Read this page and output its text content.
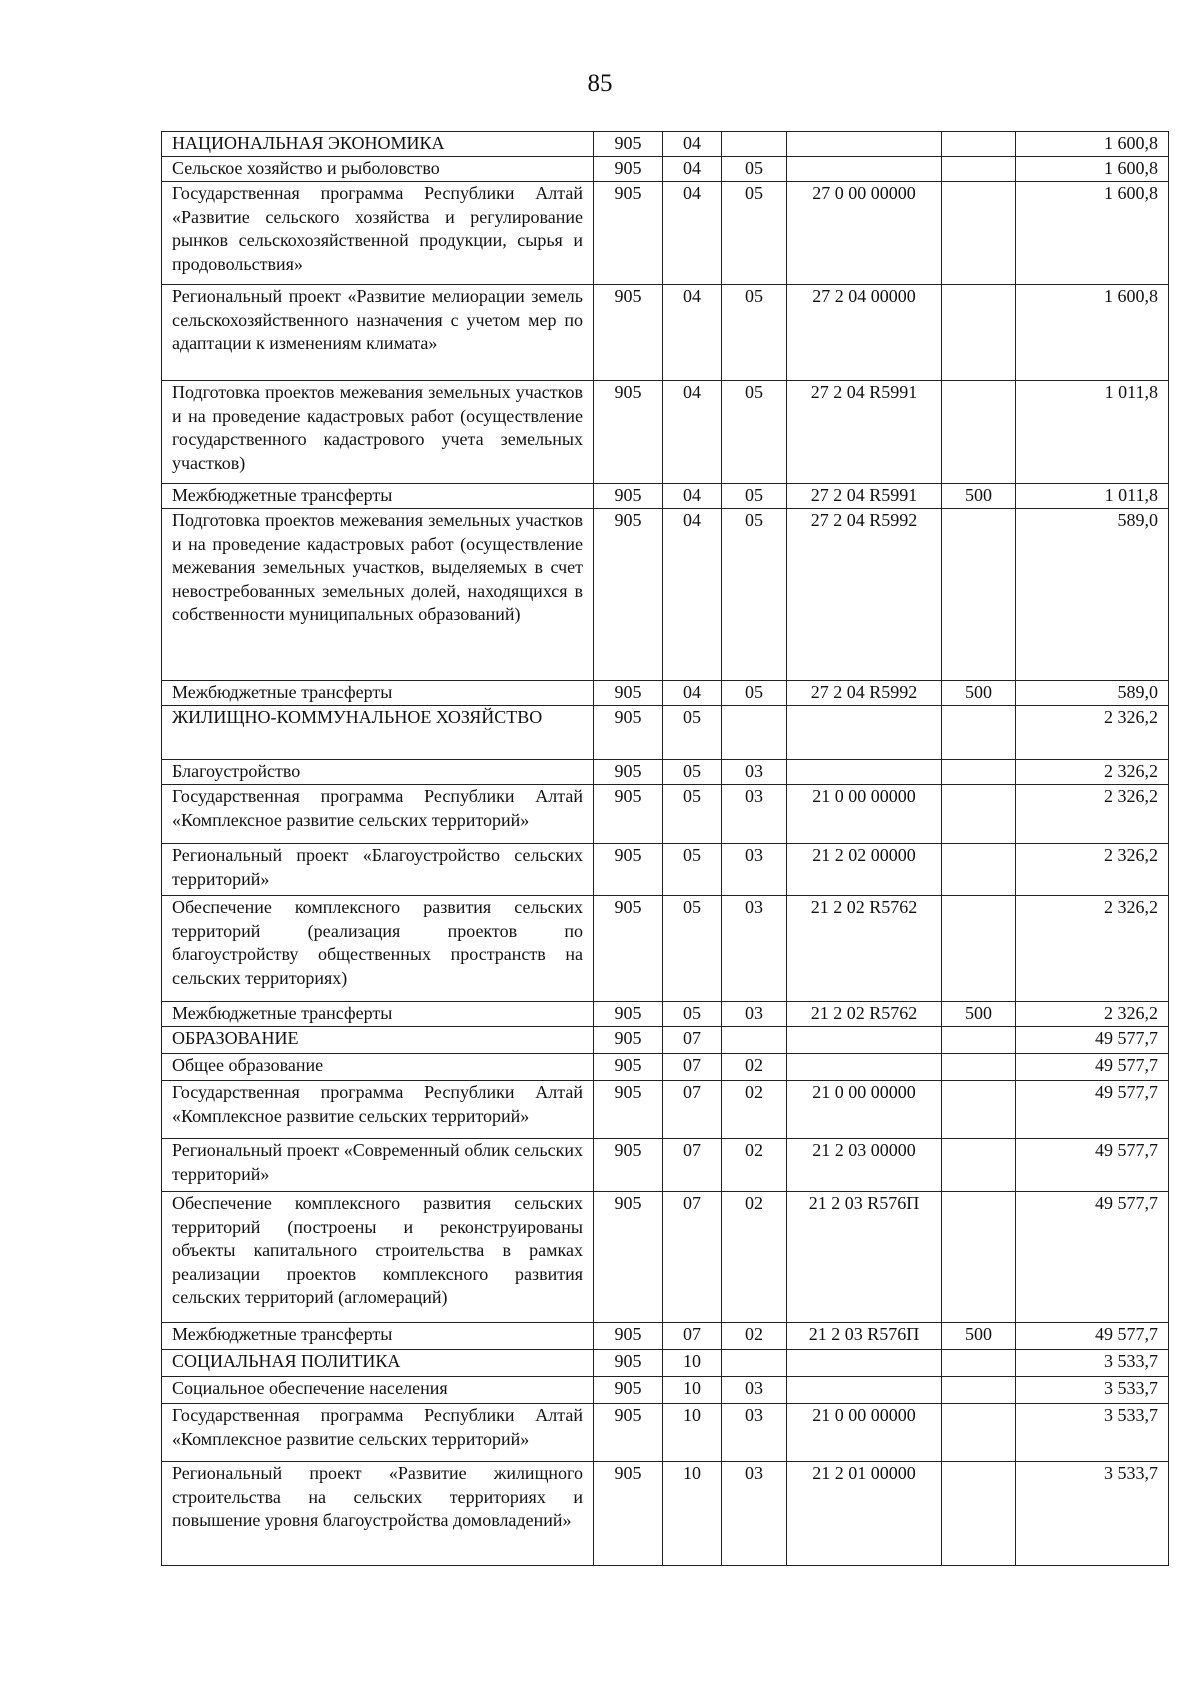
85
НАЦИОНАЛЬНАЯ ЭКОНОМИКА	905	04				1 600,8
Сельское хозяйство и рыболовство	905	04	05			1 600,8
Государственная программа Республики Алтай «Развитие сельского хозяйства и регулирование рынков сельскохозяйственной продукции, сырья и продовольствия»	905	04	05	27 0 00 00000		1 600,8
Региональный проект «Развитие мелиорации земель сельскохозяйственного назначения с учетом мер по адаптации к изменениям климата»	905	04	05	27 2 04 00000		1 600,8
Подготовка проектов межевания земельных участков и на проведение кадастровых работ (осуществление государственного кадастрового учета земельных участков)	905	04	05	27 2 04 R5991		1 011,8
Межбюджетные трансферты	905	04	05	27 2 04 R5991	500	1 011,8
Подготовка проектов межевания земельных участков и на проведение кадастровых работ (осуществление межевания земельных участков, выделяемых в счет невостребованных земельных долей, находящихся в собственности муниципальных образований)	905	04	05	27 2 04 R5992		589,0
Межбюджетные трансферты	905	04	05	27 2 04 R5992	500	589,0
ЖИЛИЩНО-КОММУНАЛЬНОЕ ХОЗЯЙСТВО	905	05				2 326,2
Благоустройство	905	05	03			2 326,2
Государственная программа Республики Алтай «Комплексное развитие сельских территорий»	905	05	03	21 0 00 00000		2 326,2
Региональный проект «Благоустройство сельских территорий»	905	05	03	21 2 02 00000		2 326,2
Обеспечение комплексного развития сельских территорий (реализация проектов по благоустройству общественных пространств на сельских территориях)	905	05	03	21 2 02 R5762		2 326,2
Межбюджетные трансферты	905	05	03	21 2 02 R5762	500	2 326,2
ОБРАЗОВАНИЕ	905	07				49 577,7
Общее образование	905	07	02			49 577,7
Государственная программа Республики Алтай «Комплексное развитие сельских территорий»	905	07	02	21 0 00 00000		49 577,7
Региональный проект «Современный облик сельских территорий»	905	07	02	21 2 03 00000		49 577,7
Обеспечение комплексного развития сельских территорий (построены и реконструированы объекты капитального строительства в рамках реализации проектов комплексного развития сельских территорий (агломераций)	905	07	02	21 2 03 R576П		49 577,7
Межбюджетные трансферты	905	07	02	21 2 03 R576П	500	49 577,7
СОЦИАЛЬНАЯ ПОЛИТИКА	905	10				3 533,7
Социальное обеспечение населения	905	10	03			3 533,7
Государственная программа Республики Алтай «Комплексное развитие сельских территорий»	905	10	03	21 0 00 00000		3 533,7
Региональный проект «Развитие жилищного строительства на сельских территориях и повышение уровня благоустройства домовладений»	905	10	03	21 2 01 00000		3 533,7
